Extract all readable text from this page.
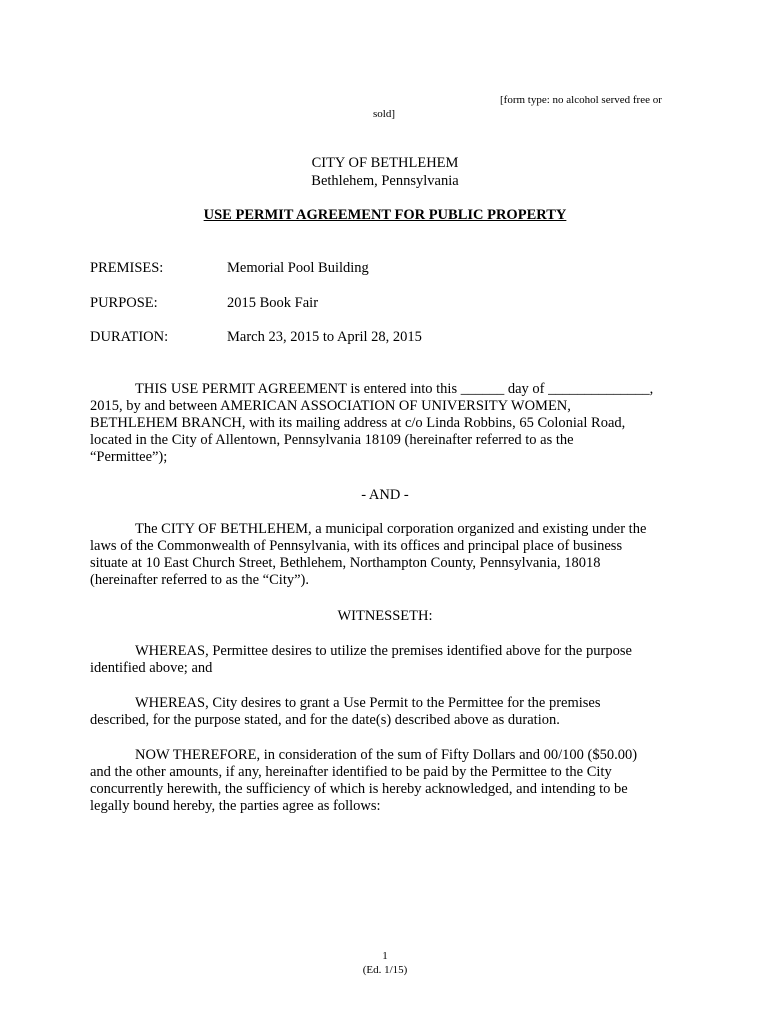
[form type: no alcohol served free or
sold]
CITY OF BETHLEHEM
Bethlehem, Pennsylvania
USE PERMIT AGREEMENT FOR PUBLIC PROPERTY
PREMISES:	Memorial Pool Building
PURPOSE:	2015 Book Fair
DURATION:	March 23, 2015 to April 28, 2015
THIS USE PERMIT AGREEMENT is entered into this ______ day of ______________,
2015, by and between AMERICAN ASSOCIATION OF UNIVERSITY WOMEN,
BETHLEHEM BRANCH, with its mailing address at c/o Linda Robbins, 65 Colonial Road,
located in the City of Allentown, Pennsylvania 18109 (hereinafter referred to as the
“Permittee”);
- AND -
The CITY OF BETHLEHEM, a municipal corporation organized and existing under the
laws of the Commonwealth of Pennsylvania, with its offices and principal place of business
situate at 10 East Church Street, Bethlehem, Northampton County, Pennsylvania, 18018
(hereinafter referred to as the “City”).
WITNESSETH:
WHEREAS, Permittee desires to utilize the premises identified above for the purpose
identified above; and
WHEREAS, City desires to grant a Use Permit to the Permittee for the premises
described, for the purpose stated, and for the date(s) described above as duration.
NOW THEREFORE, in consideration of the sum of Fifty Dollars and 00/100 ($50.00)
and the other amounts, if any, hereinafter identified to be paid by the Permittee to the City
concurrently herewith, the sufficiency of which is hereby acknowledged, and intending to be
legally bound hereby, the parties agree as follows:
1
(Ed. 1/15)
